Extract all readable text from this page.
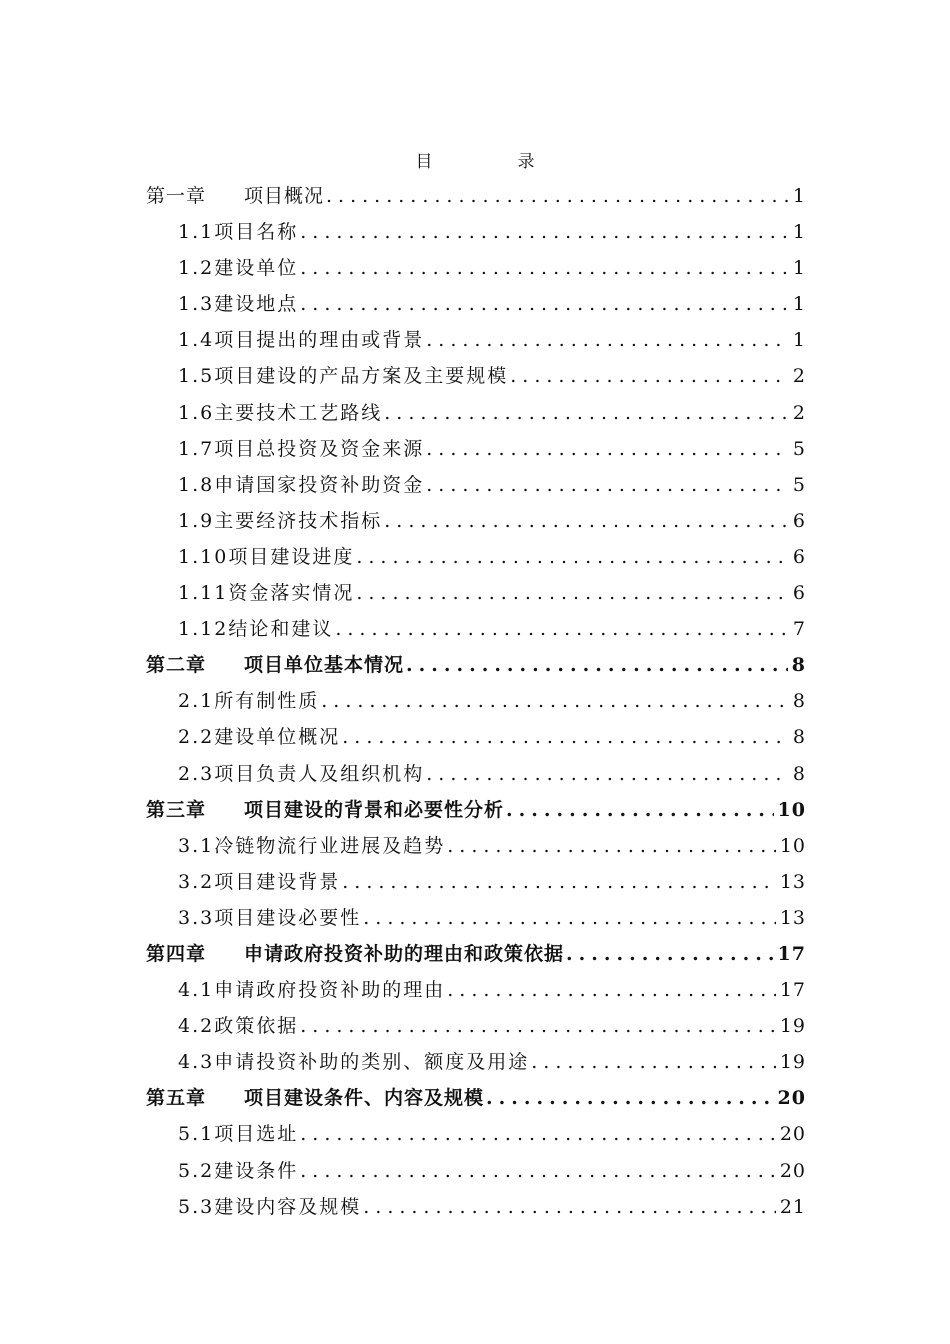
目　录
第一章	项目概况 .....	1
1.1 项目名称 .....	1
1.2 建设单位 .....	1
1.3 建设地点 .....	1
1.4 项目提出的理由或背景 .....	1
1.5 项目建设的产品方案及主要规模 .....	2
1.6 主要技术工艺路线 .....	2
1.7 项目总投资及资金来源 .....	5
1.8 申请国家投资补助资金 .....	5
1.9 主要经济技术指标 .....	6
1.10 项目建设进度 .....	6
1.11 资金落实情况 .....	6
1.12 结论和建议 .....	7
第二章	项目单位基本情况 .....	8
2.1 所有制性质 .....	8
2.2 建设单位概况 .....	8
2.3 项目负责人及组织机构 .....	8
第三章	项目建设的背景和必要性分析 .....	10
3.1 冷链物流行业进展及趋势 .....	10
3.2 项目建设背景 .....	13
3.3 项目建设必要性 .....	13
第四章	申请政府投资补助的理由和政策依据 .....	17
4.1 申请政府投资补助的理由 .....	17
4.2 政策依据 .....	19
4.3 申请投资补助的类别、额度及用途 .....	19
第五章	项目建设条件、内容及规模 .....	20
5.1 项目选址 .....	20
5.2 建设条件 .....	20
5.3 建设内容及规模 .....	21
